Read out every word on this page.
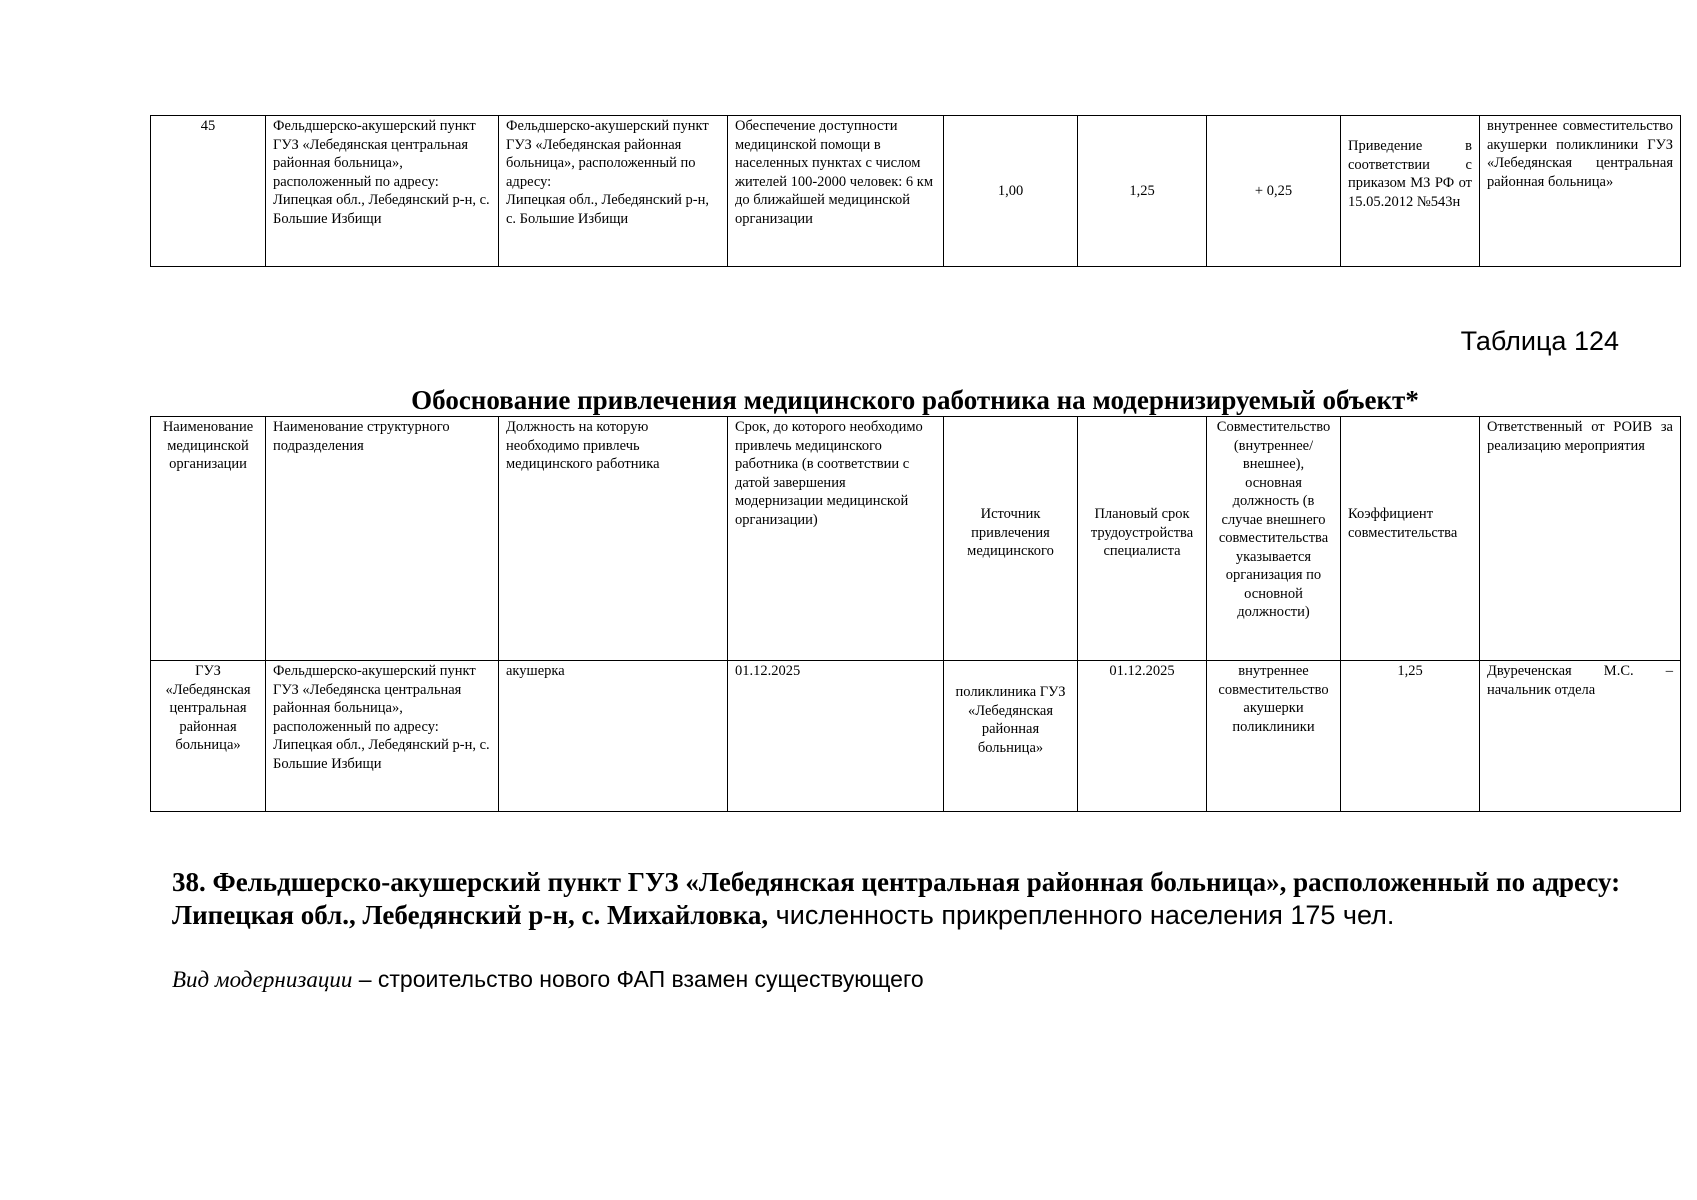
45	Фельдшерско-акушерский пункт ГУЗ «Лебедянская центральная районная больница», расположенный по адресу:
Липецкая обл., Лебедянский р-н, с. Большие Избищи	Фельдшерско-акушерский пункт ГУЗ «Лебедянская районная больница», расположенный по адресу:
Липецкая обл., Лебедянский р-н, с. Большие Избищи	Обеспечение доступности медицинской помощи в населенных пунктах с числом жителей 100-2000 человек: 6 км до ближайшей медицинской организации	1,00	1,25	+ 0,25	Приведение в соответствии с приказом МЗ РФ от 15.05.2012 №543н	внутреннее совместительство акушерки поликлиники ГУЗ «Лебедянская центральная районная больница»
Таблица 124
Обоснование привлечения медицинского работника на модернизируемый объект*
Наименование медицинской организации	Наименование структурного подразделения	Должность на которую необходимо привлечь медицинского работника	Срок, до которого необходимо привлечь медицинского работника (в соответствии с датой завершения модернизации медицинской организации)	Источник привлечения медицинского	Плановый срок трудоустройства специалиста	Совместительство (внутреннее/внешнее), основная должность (в случае внешнего совместительства указывается организация по основной должности)	Коэффициент совместительства	Ответственный от РОИВ за реализацию мероприятия
ГУЗ «Лебедянская центральная районная больница»	Фельдшерско-акушерский пункт ГУЗ «Лебедянска центральная районная больница», расположенный по адресу:
Липецкая обл., Лебедянский р-н, с. Большие Избищи	акушерка	01.12.2025	поликлиника ГУЗ «Лебедянская районная больница»	01.12.2025	внутреннее совместительство акушерки поликлиники	1,25	Двуреченская М.С. – начальник отдела
38. Фельдшерско-акушерский пункт ГУЗ «Лебедянская центральная районная больница», расположенный по адресу: Липецкая обл., Лебедянский р-н, с. Михайловка, численность прикрепленного населения 175 чел.
Вид модернизации – строительство нового ФАП взамен существующего
